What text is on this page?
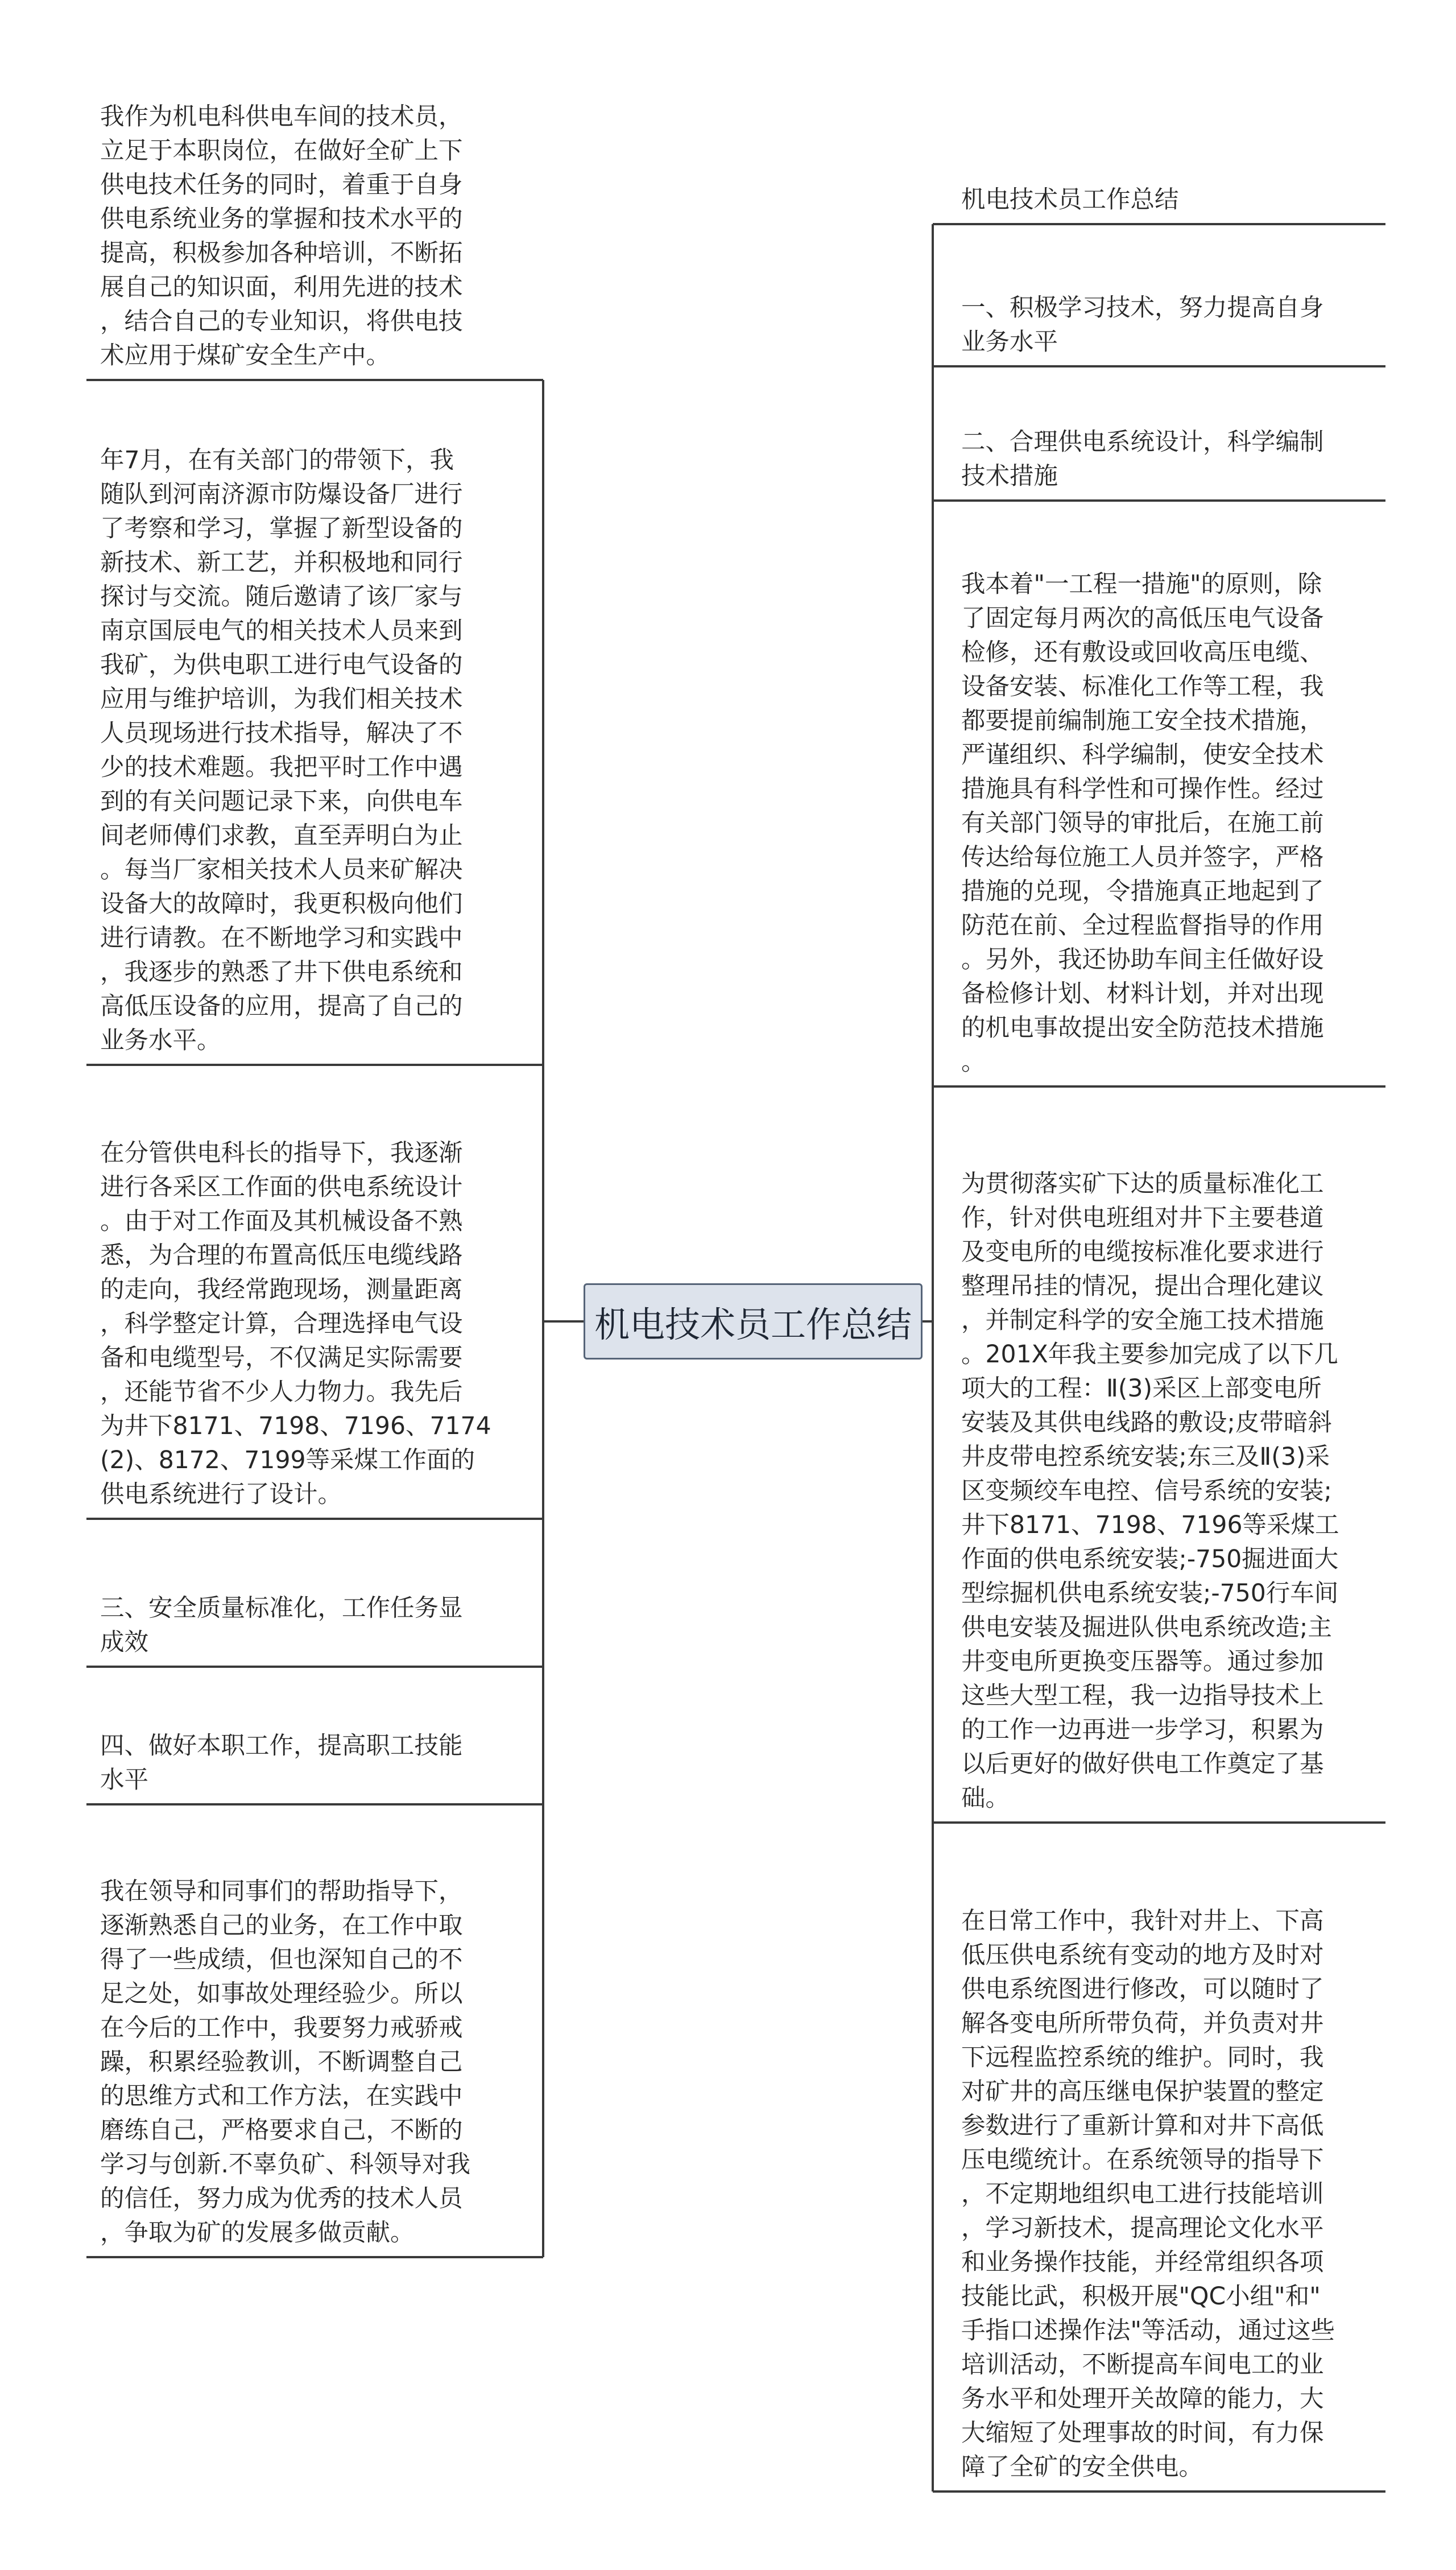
机电技术员工作总结
机电技术员工作总结
一、积极学习技术，努力提高自身
业务水平
二、合理供电系统设计，科学编制
技术措施
我本着"一工程一措施"的原则，除
了固定每月两次的高低压电气设备
检修，还有敷设或回收高压电缆、
设备安装、标准化工作等工程，我
都要提前编制施工安全技术措施，
严谨组织、科学编制，使安全技术
措施具有科学性和可操作性。经过
有关部门领导的审批后，在施工前
传达给每位施工人员并签字，严格
措施的兑现，令措施真正地起到了
防范在前、全过程监督指导的作用
。另外，我还协助车间主任做好设
备检修计划、材料计划，并对出现
的机电事故提出安全防范技术措施
。
为贯彻落实矿下达的质量标准化工
作，针对供电班组对井下主要巷道
及变电所的电缆按标准化要求进行
整理吊挂的情况，提出合理化建议
，并制定科学的安全施工技术措施
。201X年我主要参加完成了以下几
项大的工程：Ⅱ(3)采区上部变电所
安装及其供电线路的敷设;皮带暗斜
井皮带电控系统安装;东三及Ⅱ(3)采
区变频绞车电控、信号系统的安装;
井下8171、7198、7196等采煤工
作面的供电系统安装;-750掘进面大
型综掘机供电系统安装;-750行车间
供电安装及掘进队供电系统改造;主
井变电所更换变压器等。通过参加
这些大型工程，我一边指导技术上
的工作一边再进一步学习，积累为
以后更好的做好供电工作奠定了基
础。
在日常工作中，我针对井上、下高
低压供电系统有变动的地方及时对
供电系统图进行修改，可以随时了
解各变电所所带负荷，并负责对井
下远程监控系统的维护。同时，我
对矿井的高压继电保护装置的整定
参数进行了重新计算和对井下高低
压电缆统计。在系统领导的指导下
，不定期地组织电工进行技能培训
，学习新技术，提高理论文化水平
和业务操作技能，并经常组织各项
技能比武，积极开展"QC小组"和"
手指口述操作法"等活动，通过这些
培训活动，不断提高车间电工的业
务水平和处理开关故障的能力，大
大缩短了处理事故的时间，有力保
障了全矿的安全供电。
我作为机电科供电车间的技术员，
立足于本职岗位，在做好全矿上下
供电技术任务的同时，着重于自身
供电系统业务的掌握和技术水平的
提高，积极参加各种培训，不断拓
展自己的知识面，利用先进的技术
，结合自己的专业知识，将供电技
术应用于煤矿安全生产中。
年7月，在有关部门的带领下，我
随队到河南济源市防爆设备厂进行
了考察和学习，掌握了新型设备的
新技术、新工艺，并积极地和同行
探讨与交流。随后邀请了该厂家与
南京国辰电气的相关技术人员来到
我矿，为供电职工进行电气设备的
应用与维护培训，为我们相关技术
人员现场进行技术指导，解决了不
少的技术难题。我把平时工作中遇
到的有关问题记录下来，向供电车
间老师傅们求教，直至弄明白为止
。每当厂家相关技术人员来矿解决
设备大的故障时，我更积极向他们
进行请教。在不断地学习和实践中
，我逐步的熟悉了井下供电系统和
高低压设备的应用，提高了自己的
业务水平。
在分管供电科长的指导下，我逐渐
进行各采区工作面的供电系统设计
。由于对工作面及其机械设备不熟
悉，为合理的布置高低压电缆线路
的走向，我经常跑现场，测量距离
，科学整定计算，合理选择电气设
备和电缆型号，不仅满足实际需要
，还能节省不少人力物力。我先后
为井下8171、7198、7196、7174
(2)、8172、7199等采煤工作面的
供电系统进行了设计。
三、安全质量标准化，工作任务显
成效
四、做好本职工作，提高职工技能
水平
我在领导和同事们的帮助指导下，
逐渐熟悉自己的业务，在工作中取
得了一些成绩，但也深知自己的不
足之处，如事故处理经验少。所以
在今后的工作中，我要努力戒骄戒
躁，积累经验教训，不断调整自己
的思维方式和工作方法，在实践中
磨练自己，严格要求自己，不断的
学习与创新.不辜负矿、科领导对我
的信任，努力成为优秀的技术人员
，争取为矿的发展多做贡献。
